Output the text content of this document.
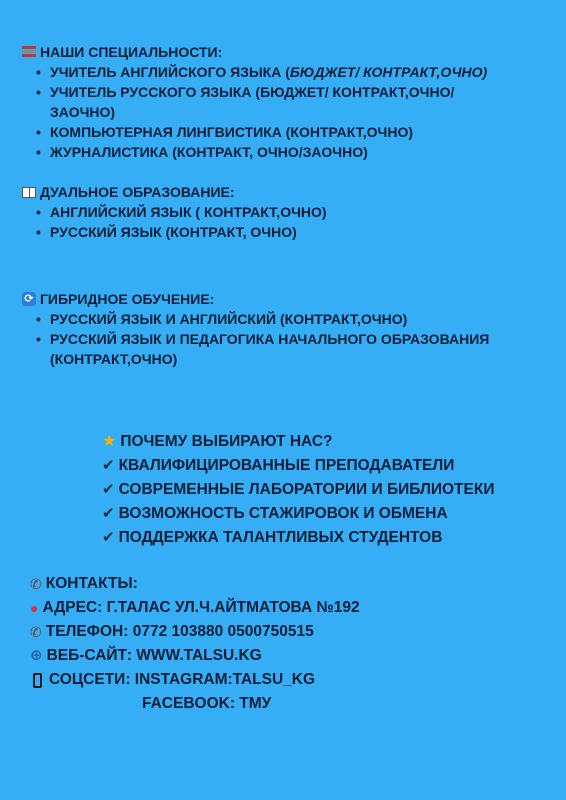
НАШИ СПЕЦИАЛЬНОСТИ:
• УЧИТЕЛЬ АНГЛИЙСКОГО ЯЗЫКА (БЮДЖЕТ/ КОНТРАКТ,ОЧНО)
• УЧИТЕЛЬ РУССКОГО ЯЗЫКА (БЮДЖЕТ/ КОНТРАКТ,ОЧНО/
ЗАОЧНО)
• КОМПЬЮТЕРНАЯ ЛИНГВИСТИКА (КОНТРАКТ,ОЧНО)
• ЖУРНАЛИСТИКА (КОНТРАКТ, ОЧНО/ЗАОЧНО)
ДУАЛЬНОЕ ОБРАЗОВАНИЕ:
• АНГЛИЙСКИЙ ЯЗЫК ( КОНТРАКТ,ОЧНО)
• РУССКИЙ ЯЗЫК (КОНТРАКТ, ОЧНО)
⟳ ГИБРИДНОЕ ОБУЧЕНИЕ:
• РУССКИЙ ЯЗЫК И АНГЛИЙСКИЙ (КОНТРАКТ,ОЧНО)
• РУССКИЙ ЯЗЫК И ПЕДАГОГИКА НАЧАЛЬНОГО ОБРАЗОВАНИЯ
(КОНТРАКТ,ОЧНО)
★ ПОЧЕМУ ВЫБИРАЮТ НАС?
✔ КВАЛИФИЦИРОВАННЫЕ ПРЕПОДАВАТЕЛИ
✔ СОВРЕМЕННЫЕ ЛАБОРАТОРИИ И БИБЛИОТЕКИ
✔ ВОЗМОЖНОСТЬ СТАЖИРОВОК И ОБМЕНА
✔ ПОДДЕРЖКА ТАЛАНТЛИВЫХ СТУДЕНТОВ
✆ КОНТАКТЫ:
● АДРЕС: Г.ТАЛАС УЛ.Ч.АЙТМАТОВА №192
✆ ТЕЛЕФОН: 0772 103880 0500750515
⊕ ВЕБ-САЙТ: WWW.TALSU.KG
СОЦСЕТИ: INSTAGRAM:TALSU_KG
FACEBOOK: ТМУ
